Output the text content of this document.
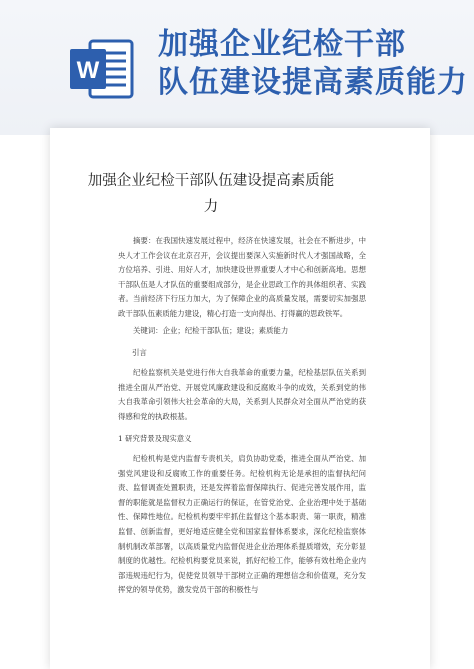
W
加强企业纪检干部
队伍建设提高素质能力
加强企业纪检干部队伍建设提高素质能
力

摘要：在我国快速发展过程中，经济在快速发展，社会在不断进步，中央人才工作会议在北京召开，会议提出要深入实施新时代人才强国战略，全方位培养、引进、用好人才，加快建设世界重要人才中心和创新高地。思想干部队伍是人才队伍的重要组成部分，是企业思政工作的具体组织者、实践者。当前经济下行压力加大，为了保障企业的高质量发展，需要切实加强思政干部队伍素质能力建设，精心打造一支向得出、打得赢的思政铁军。

关键词：企业；纪检干部队伍；建设；素质能力

引言

纪检监察机关是党进行伟大自我革命的重要力量，纪检基层队伍关系到推进全面从严治党、开展党风廉政建设和反腐败斗争的成效，关系到党的伟大自我革命引领伟大社会革命的大局，关系到人民群众对全面从严治党的获得感和党的执政根基。

1 研究背景及现实意义

纪检机构是党内监督专责机关，肩负协助党委，推进全面从严治党、加强党风建设和反腐败工作的重要任务。纪检机构无论是承担的监督执纪问责、监督调查处置职责，还是发挥着监督保障执行、促进完善发展作用，监督的职能就是监督权力正确运行的保证，在管党治党、企业治理中处于基础性、保障性地位。纪检机构要牢牢抓住监督这个基本职责、第一职责，精准监督、创新监督，更好地适应健全党和国家监督体系要求，深化纪检监察体制机制改革部署，以高质量党内监督促进企业治理体系提质增效，充分彰显制度的优越性。纪检机构要党员来说，抓好纪检工作，能够有效杜绝企业内部违规违纪行为，促使党员领导干部树立正确的理想信念和价值观，充分发挥党的领导优势，激发党员干部的积极性与
